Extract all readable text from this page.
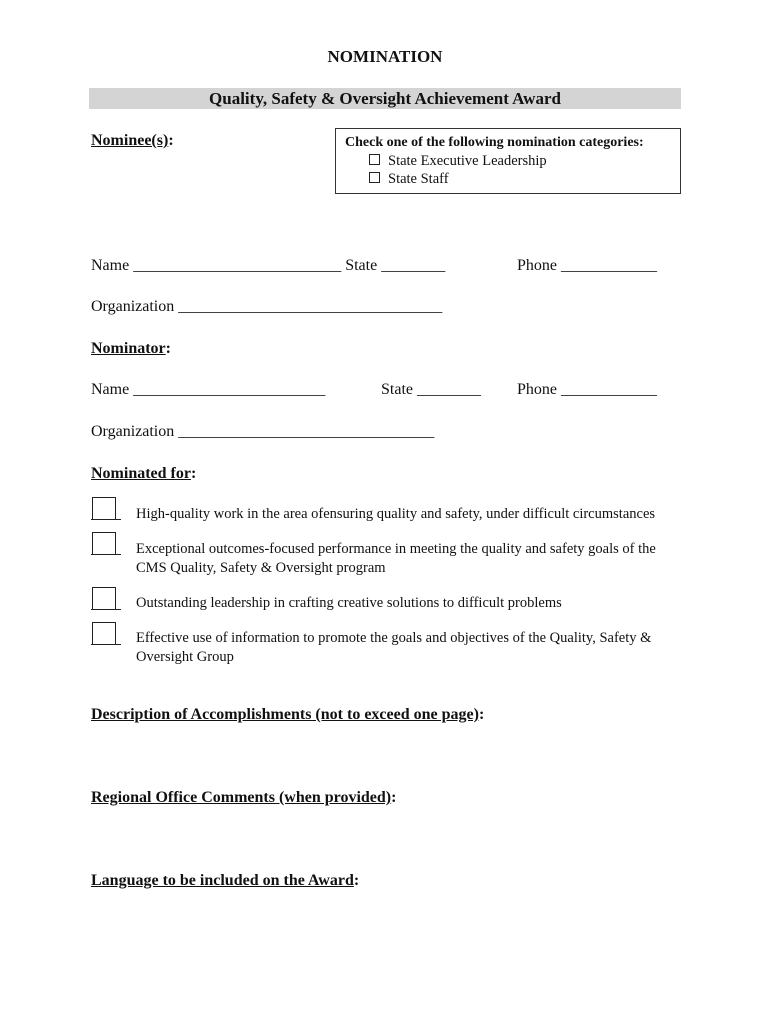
NOMINATION
Quality, Safety & Oversight Achievement Award
Nominee(s):	Check one of the following nomination categories:
State Executive Leadership
State Staff
Name __________________________ State ________	Phone ____________
Organization _________________________________
Nominator:
Name ________________________	State ________ Phone ____________
Organization ________________________________
Nominated for:
High-quality work in the area ofensuring quality and safety, under difficult circumstances
Exceptional outcomes-focused performance in meeting the quality and safety goals of the
CMS Quality, Safety & Oversight program
Outstanding leadership in crafting creative solutions to difficult problems
Effective use of information to promote the goals and objectives of the Quality, Safety &
Oversight Group
Description of Accomplishments (not to exceed one page):
Regional Office Comments (when provided):
Language to be included on the Award:
